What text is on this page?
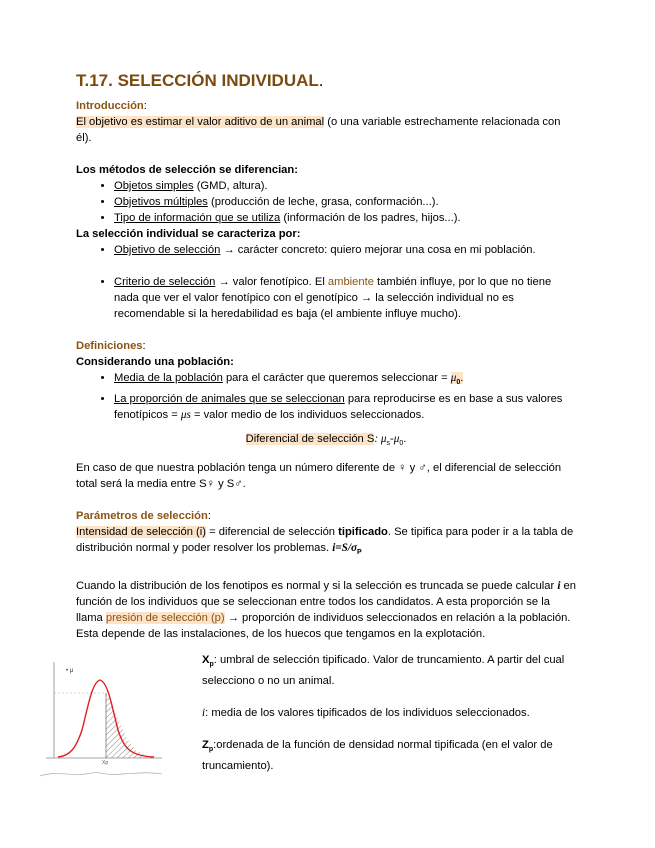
T.17. SELECCIÓN INDIVIDUAL.

Introducción:

El objetivo es estimar el valor aditivo de un animal (o una variable estrechamente relacionada con él).

Los métodos de selección se diferencian:

• Objetos simples (GMD, altura).
• Objetivos múltiples (producción de leche, grasa, conformación...).
• Tipo de información que se utiliza (información de los padres, hijos...).

La selección individual se caracteriza por:

• Objetivo de selección → carácter concreto: quiero mejorar una cosa en mi población.
• Criterio de selección → valor fenotípico. El ambiente también influye, por lo que no tiene nada que ver el valor fenotípico con el genotípico → la selección individual no es recomendable si la heredabilidad es baja (el ambiente influye mucho).

Definiciones:

Considerando una población:

• Media de la población para el carácter que queremos seleccionar = $\mu_0$.
• La proporción de animales que se seleccionan para reproducirse es en base a sus valores fenotípicos = μs = valor medio de los individuos seleccionados.

Diferencial de selección S: $\mu_s-\mu_0$.

En caso de que nuestra población tenga un número diferente de ♀ y ♂, el diferencial de selección total será la media entre S♀ y S♂.

Parámetros de selección:

Intensidad de selección (i) = diferencial de selección tipificado. Se tipifica para poder ir a la tabla de distribución normal y poder resolver los problemas. $i=S/\sigma_P$

Cuando la distribución de los fenotipos es normal y si la selección es truncada se puede calcular i en función de los individuos que se seleccionan entre todos los candidatos. A esta proporción se la llama presión de selección (p) → proporción de individuos seleccionados en relación a la población. Esta depende de las instalaciones, de los huecos que tengamos en la explotación.

Xp
• μ

$X_p$: umbral de selección tipificado. Valor de truncamiento. A partir del cual selecciono o no un animal.

i: media de los valores tipificados de los individuos seleccionados.

$Z_p:ordenada$ de la función de densidad normal tipificada (en el valor de truncamiento).
